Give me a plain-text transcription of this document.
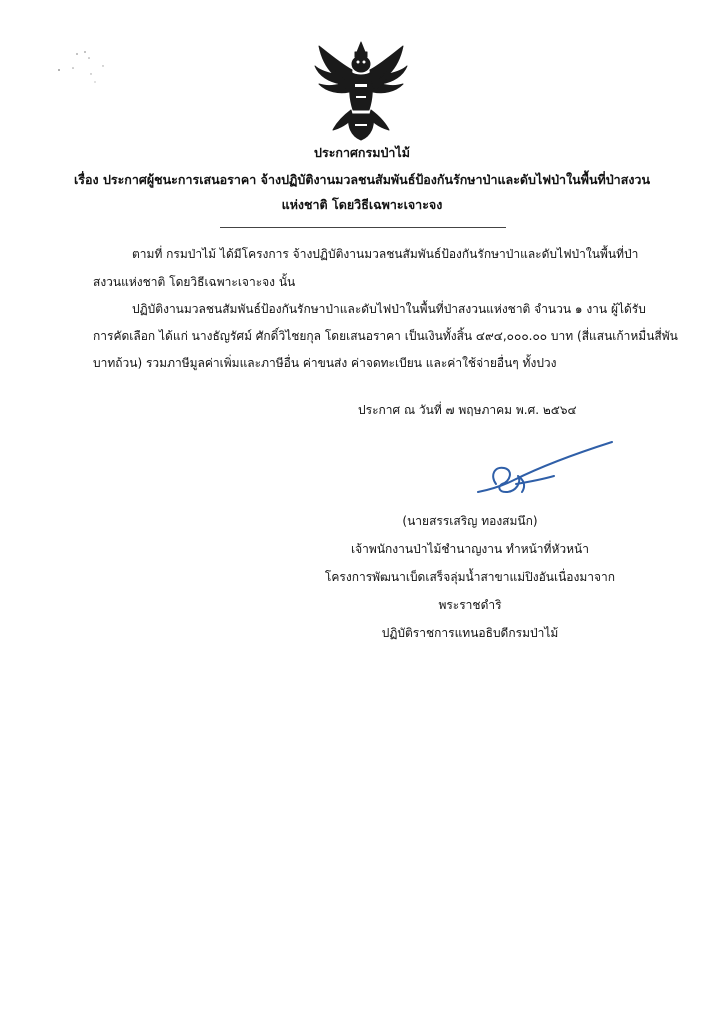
ประกาศกรมป่าไม้
เรื่อง ประกาศผู้ชนะการเสนอราคา จ้างปฏิบัติงานมวลชนสัมพันธ์ป้องกันรักษาป่าและดับไฟป่าในพื้นที่ป่าสงวน
แห่งชาติ โดยวิธีเฉพาะเจาะจง
ตามที่ กรมป่าไม้ ได้มีโครงการ จ้างปฏิบัติงานมวลชนสัมพันธ์ป้องกันรักษาป่าและดับไฟป่าในพื้นที่ป่า
สงวนแห่งชาติ โดยวิธีเฉพาะเจาะจง นั้น
ปฏิบัติงานมวลชนสัมพันธ์ป้องกันรักษาป่าและดับไฟป่าในพื้นที่ป่าสงวนแห่งชาติ จำนวน ๑ งาน ผู้ได้รับ
การคัดเลือก ได้แก่ นางธัญรัศม์ ศักดิ์วิไชยกุล โดยเสนอราคา เป็นเงินทั้งสิ้น ๔๙๔,๐๐๐.๐๐ บาท (สี่แสนเก้าหมื่นสี่พัน
บาทถ้วน) รวมภาษีมูลค่าเพิ่มและภาษีอื่น ค่าขนส่ง ค่าจดทะเบียน และค่าใช้จ่ายอื่นๆ ทั้งปวง
ประกาศ ณ วันที่ ๗ พฤษภาคม พ.ศ. ๒๕๖๔
(นายสรรเสริญ ทองสมนึก)
เจ้าพนักงานป่าไม้ชำนาญงาน ทำหน้าที่หัวหน้า
โครงการพัฒนาเบ็ดเสร็จลุ่มน้ำสาขาแม่ปิงอันเนื่องมาจาก
พระราชดำริ
ปฏิบัติราชการแทนอธิบดีกรมป่าไม้
